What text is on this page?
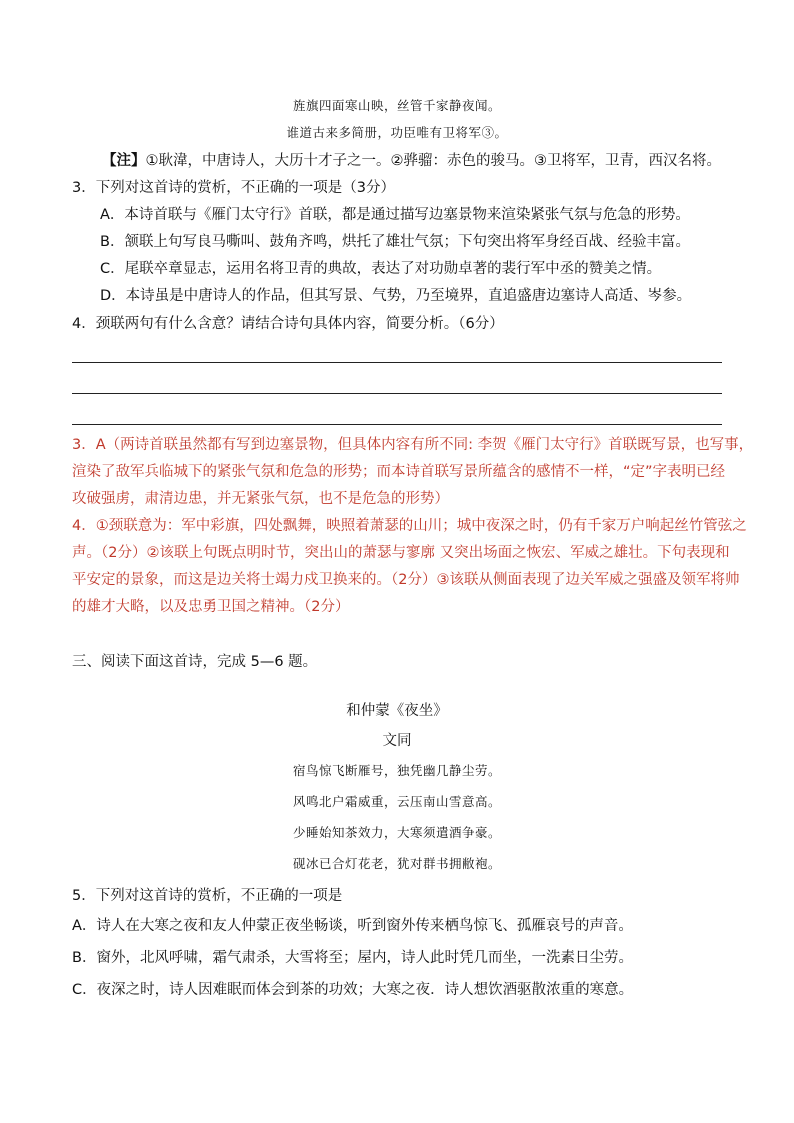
旌旗四面寒山映，丝管千家静夜闻。
谁道古来多简册，功臣唯有卫将军③。
【注】①耿湋，中唐诗人，大历十才子之一。②骅骝：赤色的骏马。③卫将军，卫青，西汉名将。
3．下列对这首诗的赏析，不正确的一项是（3分）
A．本诗首联与《雁门太守行》首联，都是通过描写边塞景物来渲染紧张气氛与危急的形势。
B．颔联上句写良马嘶叫、鼓角齐鸣，烘托了雄壮气氛；下句突出将军身经百战、经验丰富。
C．尾联卒章显志，运用名将卫青的典故，表达了对功勋卓著的裴行军中丞的赞美之情。
D．本诗虽是中唐诗人的作品，但其写景、气势，乃至境界，直追盛唐边塞诗人高适、岑参。
4．颈联两句有什么含意？请结合诗句具体内容，简要分析。（6分）
3．A（两诗首联虽然都有写到边塞景物，但具体内容有所不同: 李贺《雁门太守行》首联既写景，也写事，
渲染了敌军兵临城下的紧张气氛和危急的形势；而本诗首联写景所蕴含的感情不一样，“定”字表明已经
攻破强虏，肃清边患，并无紧张气氛，也不是危急的形势）
4．①颈联意为：军中彩旗，四处飘舞，映照着萧瑟的山川；城中夜深之时，仍有千家万户响起丝竹管弦之
声。（2分）②该联上句既点明时节，突出山的萧瑟与寥廓 又突出场面之恢宏、军威之雄壮。下句表现和
平安定的景象，而这是边关将士竭力戍卫换来的。（2分）③该联从侧面表现了边关军威之强盛及领军将帅
的雄才大略，以及忠勇卫国之精神。（2分）
三、阅读下面这首诗，完成 5—6 题。
和仲蒙《夜坐》
文同
宿鸟惊飞断雁号，独凭幽几静尘劳。
风鸣北户霜威重，云压南山雪意高。
少睡始知茶效力，大寒须遣酒争豪。
砚冰已合灯花老，犹对群书拥敝袍。
5．下列对这首诗的赏析，不正确的一项是
A．诗人在大寒之夜和友人仲蒙正夜坐畅谈，听到窗外传来栖鸟惊飞、孤雁哀号的声音。
B．窗外，北风呼啸，霜气肃杀，大雪将至；屋内，诗人此时凭几而坐，一洗素日尘劳。
C．夜深之时，诗人因难眠而体会到茶的功效；大寒之夜．诗人想饮酒驱散浓重的寒意。
